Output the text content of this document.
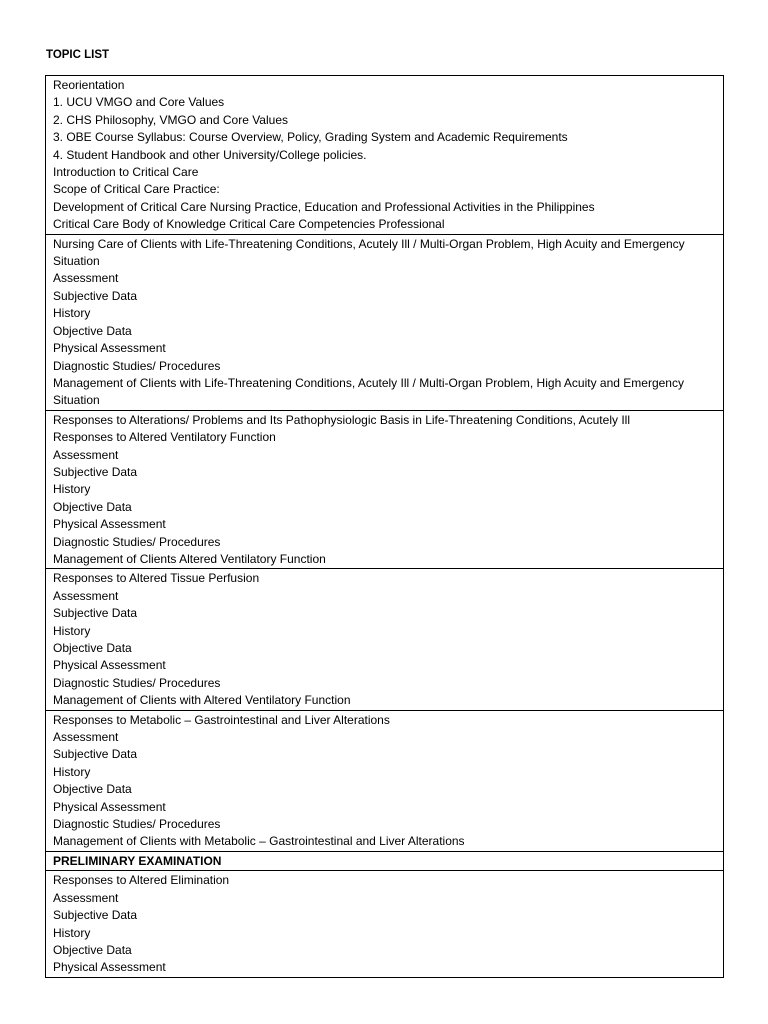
TOPIC LIST
Reorientation
1. UCU VMGO and Core Values
2. CHS Philosophy, VMGO and Core Values
3. OBE Course Syllabus: Course Overview, Policy, Grading System and Academic Requirements
4. Student Handbook and other University/College policies.
Introduction to Critical Care
Scope of Critical Care Practice:
Development of Critical Care Nursing Practice, Education and Professional Activities in the Philippines
Critical Care Body of Knowledge Critical Care Competencies Professional

Nursing Care of Clients with Life-Threatening Conditions, Acutely Ill / Multi-Organ Problem, High Acuity and Emergency Situation
Assessment
Subjective Data
History
Objective Data
Physical Assessment
Diagnostic Studies/ Procedures
Management of Clients with Life-Threatening Conditions, Acutely Ill / Multi-Organ Problem, High Acuity and Emergency Situation

Responses to Alterations/ Problems and Its Pathophysiologic Basis in Life-Threatening Conditions, Acutely Ill
Responses to Altered Ventilatory Function
Assessment
Subjective Data
History
Objective Data
Physical Assessment
Diagnostic Studies/ Procedures
Management of Clients Altered Ventilatory Function

Responses to Altered Tissue Perfusion
Assessment
Subjective Data
History
Objective Data
Physical Assessment
Diagnostic Studies/ Procedures
Management of Clients with Altered Ventilatory Function

Responses to Metabolic – Gastrointestinal and Liver Alterations
Assessment
Subjective Data
History
Objective Data
Physical Assessment
Diagnostic Studies/ Procedures
Management of Clients with Metabolic – Gastrointestinal and Liver Alterations

PRELIMINARY EXAMINATION

Responses to Altered Elimination
Assessment
Subjective Data
History
Objective Data
Physical Assessment
